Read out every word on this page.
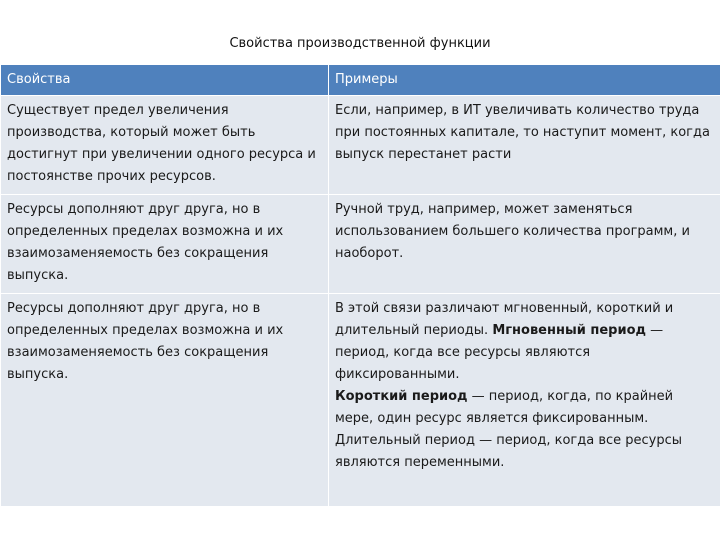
Свойства производственной функции
Свойства	Примеры
Существует предел увеличения производства, который может быть достигнут при увеличении одного ресурса и постоянстве прочих ресурсов.	Если, например, в ИТ увеличивать количество труда при постоянных капитале, то наступит момент, когда выпуск перестанет расти
Ресурсы дополняют друг друга, но в определенных пределах возможна и их взаимозаменяемость без сокращения выпуска.	Ручной труд, например, может заменяться использованием большего количества программ, и наоборот.
Ресурсы дополняют друг друга, но в определенных пределах возможна и их взаимозаменяемость без сокращения выпуска.	В этой связи различают мгновенный, короткий и длительный периоды. Мгновенный период — период, когда все ресурсы являются фиксированными.
Короткий период — период, когда, по крайней мере, один ресурс является фиксированным.
Длительный период — период, когда все ресурсы являются переменными.
